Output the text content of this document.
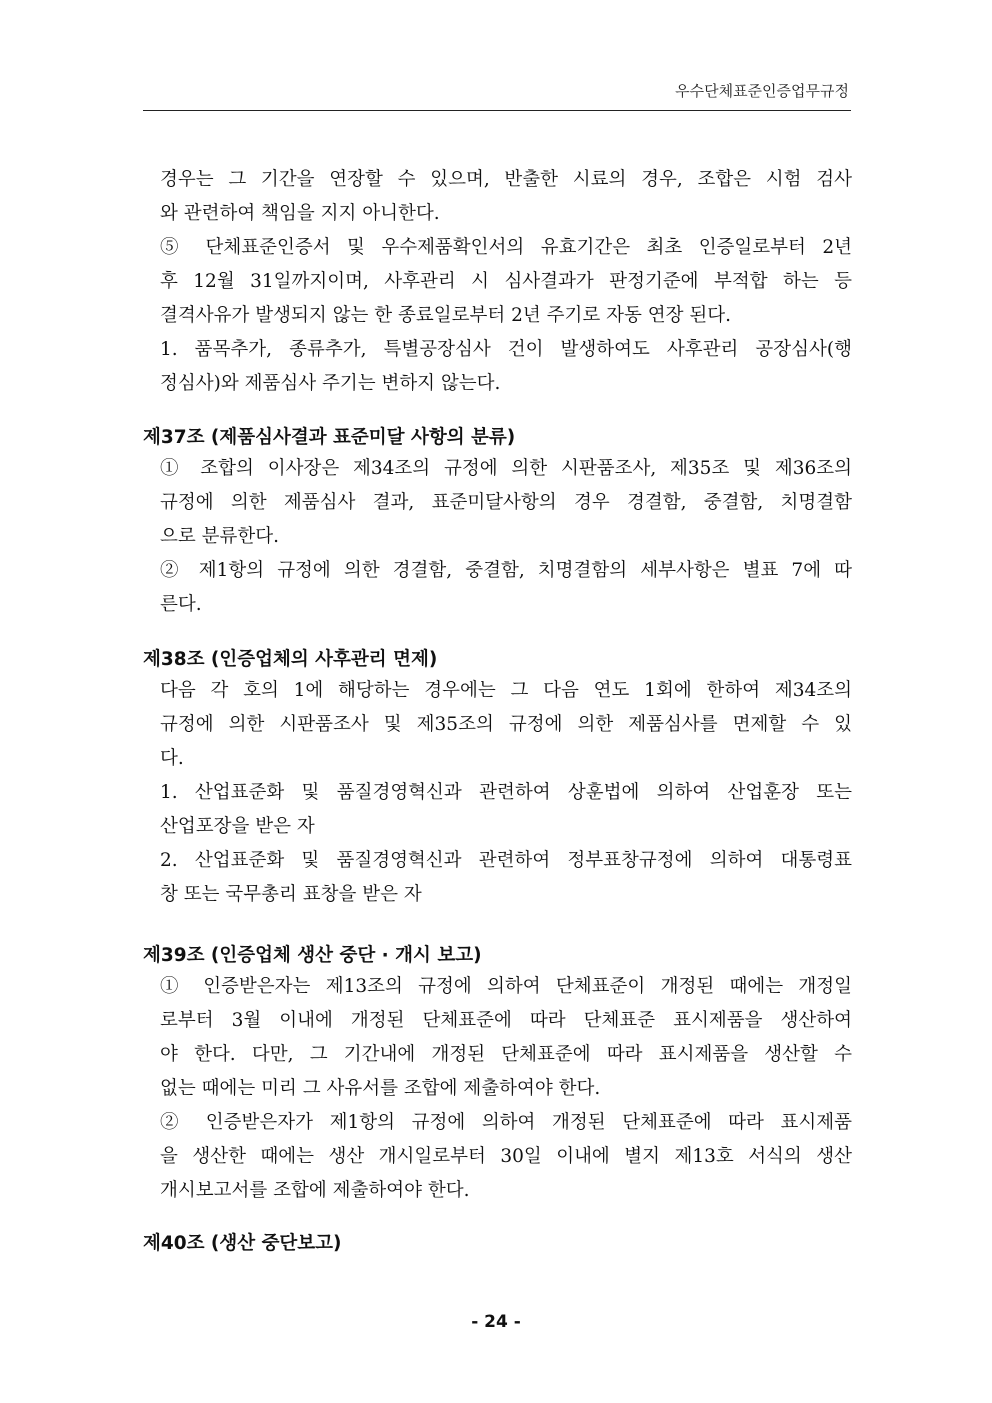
우수단체표준인증업무규정
경우는 그 기간을 연장할 수 있으며, 반출한 시료의 경우, 조합은 시험 검사
와 관련하여 책임을 지지 아니한다.
⑤ 단체표준인증서 및 우수제품확인서의 유효기간은 최초 인증일로부터 2년
후 12월 31일까지이며, 사후관리 시 심사결과가 판정기준에 부적합 하는 등
결격사유가 발생되지 않는 한 종료일로부터 2년 주기로 자동 연장 된다.
1. 품목추가, 종류추가, 특별공장심사 건이 발생하여도 사후관리 공장심사(행
정심사)와 제품심사 주기는 변하지 않는다.
제37조 (제품심사결과 표준미달 사항의 분류)
① 조합의 이사장은 제34조의 규정에 의한 시판품조사, 제35조 및 제36조의
규정에 의한 제품심사 결과, 표준미달사항의 경우 경결함, 중결함, 치명결함
으로 분류한다.
② 제1항의 규정에 의한 경결함, 중결함, 치명결함의 세부사항은 별표 7에 따
른다.
제38조 (인증업체의 사후관리 면제)
다음 각 호의 1에 해당하는 경우에는 그 다음 연도 1회에 한하여 제34조의
규정에 의한 시판품조사 및 제35조의 규정에 의한 제품심사를 면제할 수 있
다.
1. 산업표준화 및 품질경영혁신과 관련하여 상훈법에 의하여 산업훈장 또는
산업포장을 받은 자
2. 산업표준화 및 품질경영혁신과 관련하여 정부표창규정에 의하여 대통령표
창 또는 국무총리 표창을 받은 자
제39조 (인증업체 생산 중단 · 개시 보고)
① 인증받은자는 제13조의 규정에 의하여 단체표준이 개정된 때에는 개정일
로부터 3월 이내에 개정된 단체표준에 따라 단체표준 표시제품을 생산하여
야 한다. 다만, 그 기간내에 개정된 단체표준에 따라 표시제품을 생산할 수
없는 때에는 미리 그 사유서를 조합에 제출하여야 한다.
② 인증받은자가 제1항의 규정에 의하여 개정된 단체표준에 따라 표시제품
을 생산한 때에는 생산 개시일로부터 30일 이내에 별지 제13호 서식의 생산
개시보고서를 조합에 제출하여야 한다.
제40조 (생산 중단보고)
- 24 -
